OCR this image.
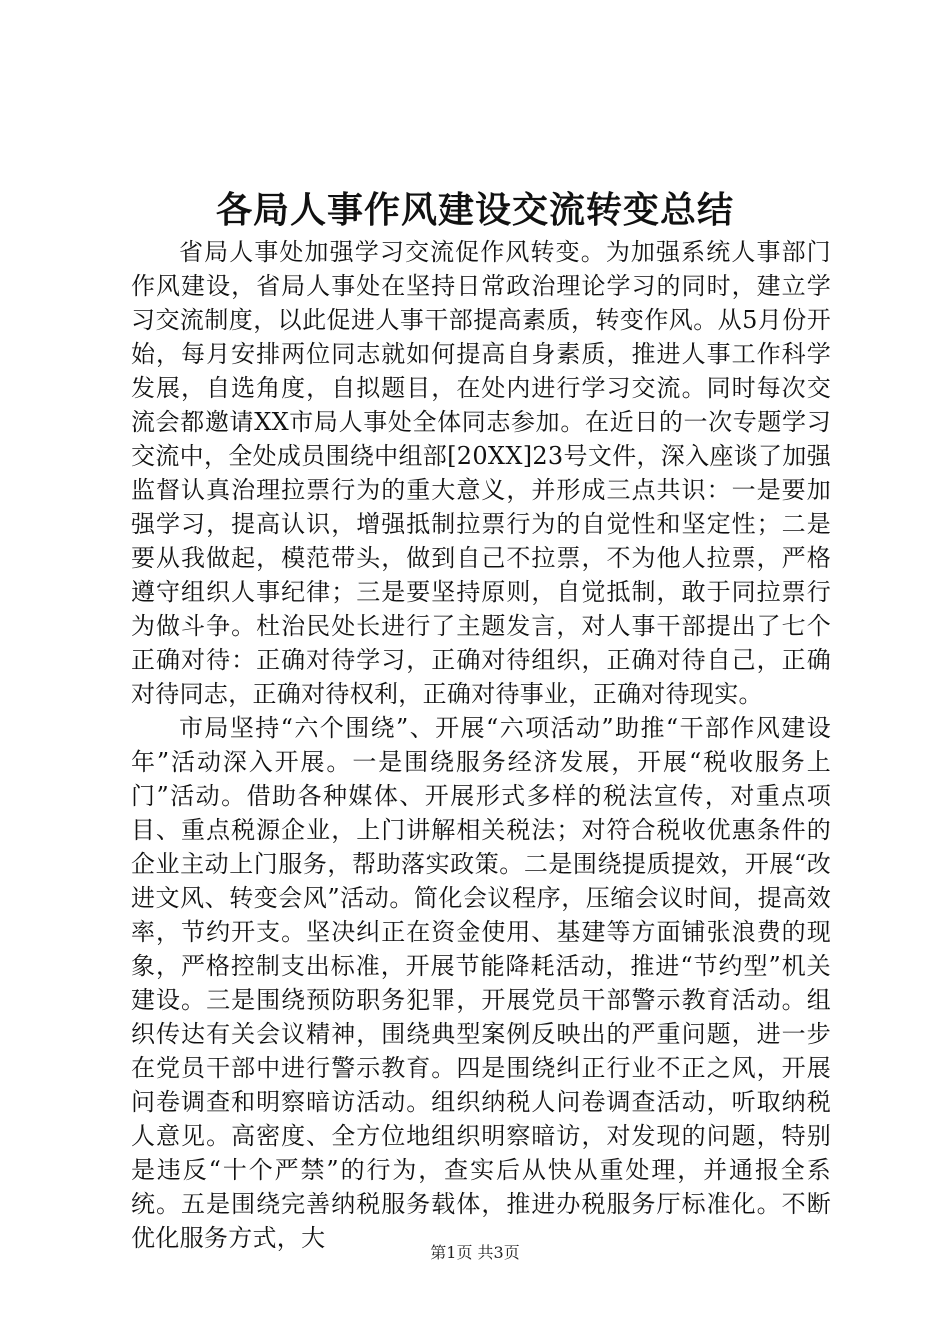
各局人事作风建设交流转变总结

省局人事处加强学习交流促作风转变。为加强系统人事部门作风建设，省局人事处在坚持日常政治理论学习的同时，建立学习交流制度，以此促进人事干部提高素质，转变作风。从5月份开始，每月安排两位同志就如何提高自身素质，推进人事工作科学发展，自选角度，自拟题目，在处内进行学习交流。同时每次交流会都邀请XX市局人事处全体同志参加。在近日的一次专题学习交流中，全处成员围绕中组部[20XX]23号文件，深入座谈了加强监督认真治理拉票行为的重大意义，并形成三点共识：一是要加强学习，提高认识，增强抵制拉票行为的自觉性和坚定性；二是要从我做起，模范带头，做到自己不拉票，不为他人拉票，严格遵守组织人事纪律；三是要坚持原则，自觉抵制，敢于同拉票行为做斗争。杜治民处长进行了主题发言，对人事干部提出了七个正确对待：正确对待学习，正确对待组织，正确对待自己，正确对待同志，正确对待权利，正确对待事业，正确对待现实。

市局坚持“六个围绕”、开展“六项活动”助推“干部作风建设年”活动深入开展。一是围绕服务经济发展，开展“税收服务上门”活动。借助各种媒体、开展形式多样的税法宣传，对重点项目、重点税源企业，上门讲解相关税法；对符合税收优惠条件的企业主动上门服务，帮助落实政策。二是围绕提质提效，开展“改进文风、转变会风”活动。简化会议程序，压缩会议时间，提高效率，节约开支。坚决纠正在资金使用、基建等方面铺张浪费的现象，严格控制支出标准，开展节能降耗活动，推进“节约型”机关建设。三是围绕预防职务犯罪，开展党员干部警示教育活动。组织传达有关会议精神，围绕典型案例反映出的严重问题，进一步在党员干部中进行警示教育。四是围绕纠正行业不正之风，开展问卷调查和明察暗访活动。组织纳税人问卷调查活动，听取纳税人意见。高密度、全方位地组织明察暗访，对发现的问题，特别是违反“十个严禁”的行为，查实后从快从重处理，并通报全系统。五是围绕完善纳税服务载体，推进办税服务厅标准化。不断优化服务方式，大

第1页 共3页
